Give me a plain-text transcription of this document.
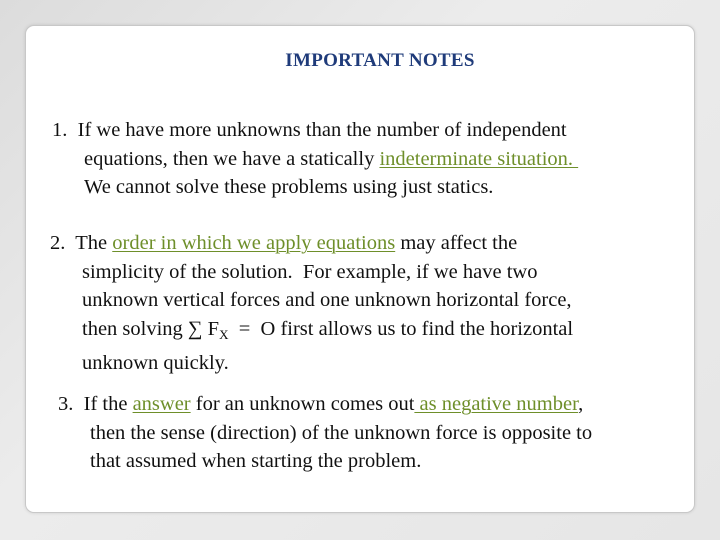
IMPORTANT NOTES
1. If we have more unknowns than the number of independent
equations, then we have a statically indeterminate situation.
We cannot solve these problems using just statics.
2. The order in which we apply equations may affect the
simplicity of the solution.  For example, if we have two
unknown vertical forces and one unknown horizontal force,
then solving ∑ $F_X = O$ first allows us to find the horizontal
unknown quickly.
3. If the answer for an unknown comes out as negative number,
then the sense (direction) of the unknown force is opposite to
that assumed when starting the problem.
